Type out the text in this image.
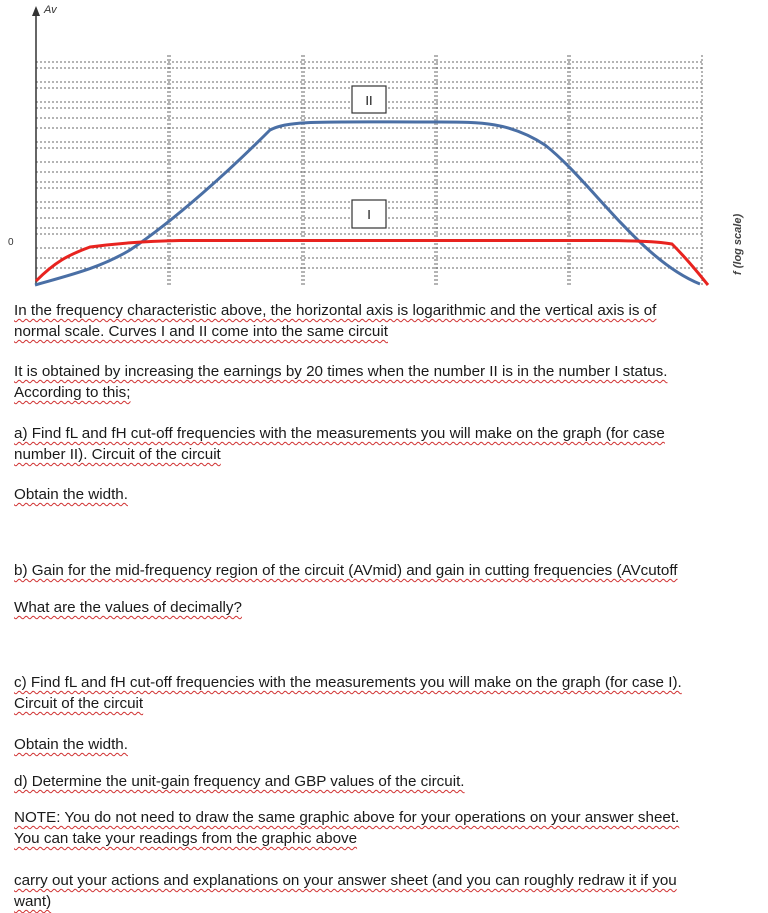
Av
0	f (log scale)
II
I

In the frequency characteristic above, the horizontal axis is logarithmic and the vertical axis is of
normal scale. Curves I and II come into the same circuit

It is obtained by increasing the earnings by 20 times when the number II is in the number I status.
According to this;

a) Find fL and fH cut-off frequencies with the measurements you will make on the graph (for case
number II). Circuit of the circuit

Obtain the width.

b) Gain for the mid-frequency region of the circuit (AVmid) and gain in cutting frequencies (AVcutoff

What are the values of decimally?

c) Find fL and fH cut-off frequencies with the measurements you will make on the graph (for case I).
Circuit of the circuit

Obtain the width.

d) Determine the unit-gain frequency and GBP values of the circuit.

NOTE: You do not need to draw the same graphic above for your operations on your answer sheet.
You can take your readings from the graphic above

carry out your actions and explanations on your answer sheet (and you can roughly redraw it if you
want)
